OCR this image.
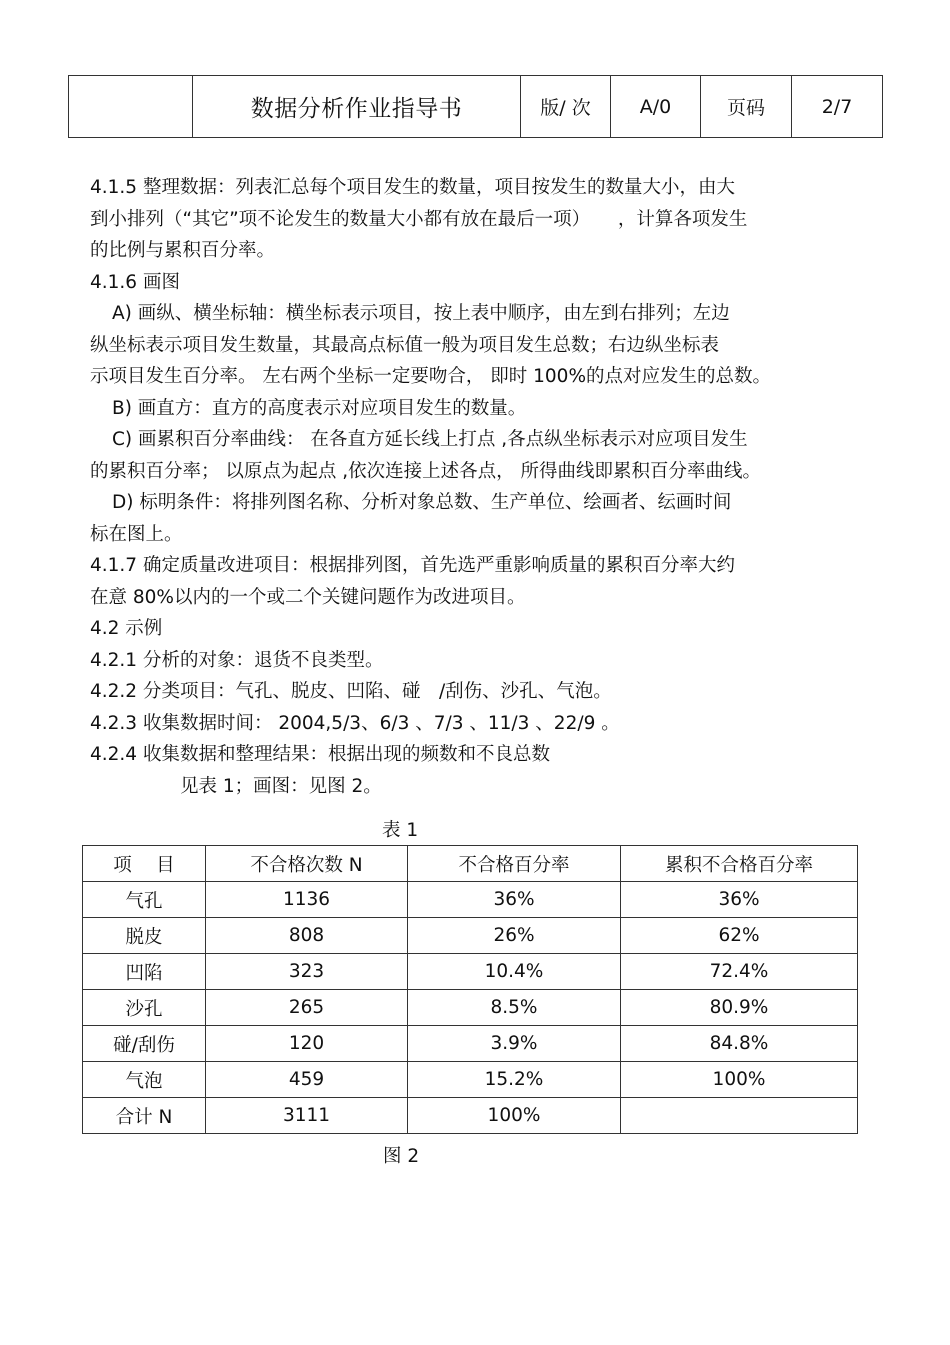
	数据分析作业指导书	版/ 次	A/0	页码	2/7

4.1.5 整理数据：列表汇总每个项目发生的数量，项目按发生的数量大小，由大

到小排列（“其它”项不论发生的数量大小都有放在最后一项）　　，计算各项发生

的比例与累积百分率。

4.1.6 画图

A) 画纵、横坐标轴：横坐标表示项目，按上表中顺序，由左到右排列；左边

纵坐标表示项目发生数量，其最高点标值一般为项目发生总数；右边纵坐标表

示项目发生百分率。 左右两个坐标一定要吻合， 即时 100%的点对应发生的总数。

B) 画直方：直方的高度表示对应项目发生的数量。

C) 画累积百分率曲线： 在各直方延长线上打点 ,各点纵坐标表示对应项目发生

的累积百分率； 以原点为起点 ,依次连接上述各点， 所得曲线即累积百分率曲线。

D) 标明条件：将排列图名称、分析对象总数、生产单位、绘画者、纭画时间

标在图上。

4.1.7 确定质量改进项目：根据排列图，首先选严重影响质量的累积百分率大约

在意 80%以内的一个或二个关键问题作为改进项目。

4.2 示例

4.2.1 分析的对象：退货不良类型。

4.2.2 分类项目：气孔、脱皮、凹陷、碰　/刮伤、沙孔、气泡。

4.2.3 收集数据时间： 2004,5/3、6/3 、7/3 、11/3 、22/9 。

4.2.4 收集数据和整理结果：根据出现的频数和不良总数

见表 1；画图：见图 2。

表 1
项　 目	不合格次数 N	不合格百分率	累积不合格百分率
气孔	1136	36%	36%
脱皮	808	26%	62%
凹陷	323	10.4%	72.4%
沙孔	265	8.5%	80.9%
碰/刮伤	120	3.9%	84.8%
气泡	459	15.2%	100%
合计 N	3111	100%	
图 2
